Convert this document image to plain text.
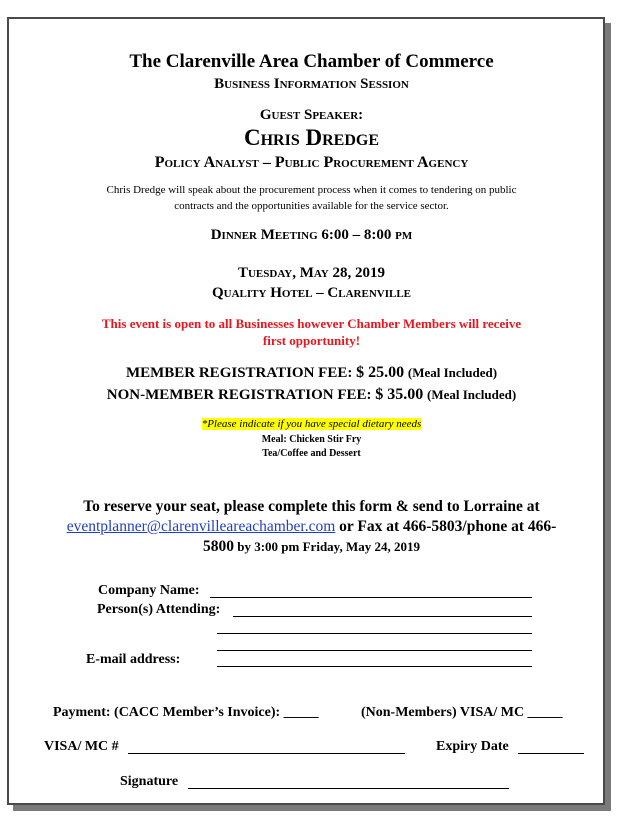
The Clarenville Area Chamber of Commerce
Business Information Session
Guest Speaker:
Chris Dredge
Policy Analyst – Public Procurement Agency
Chris Dredge will speak about the procurement process when it comes to tendering on public
contracts and the opportunities available for the service sector.
Dinner Meeting 6:00 – 8:00 pm
Tuesday, May 28, 2019
Quality Hotel – Clarenville
This event is open to all Businesses however Chamber Members will receive
first opportunity!
MEMBER REGISTRATION FEE: $ 25.00 (Meal Included)
NON-MEMBER REGISTRATION FEE: $ 35.00 (Meal Included)
*Please indicate if you have special dietary needs
Meal: Chicken Stir Fry
Tea/Coffee and Dessert
To reserve your seat, please complete this form & send to Lorraine at
eventplanner@clarenvilleareachamber.com or Fax at 466-5803/phone at 466-
5800 by 3:00 pm Friday, May 24, 2019
Company Name:
Person(s) Attending:
E-mail address:
Payment: (CACC Member’s Invoice): _____	(Non-Members) VISA/ MC _____
VISA/ MC #	Expiry Date
Signature
